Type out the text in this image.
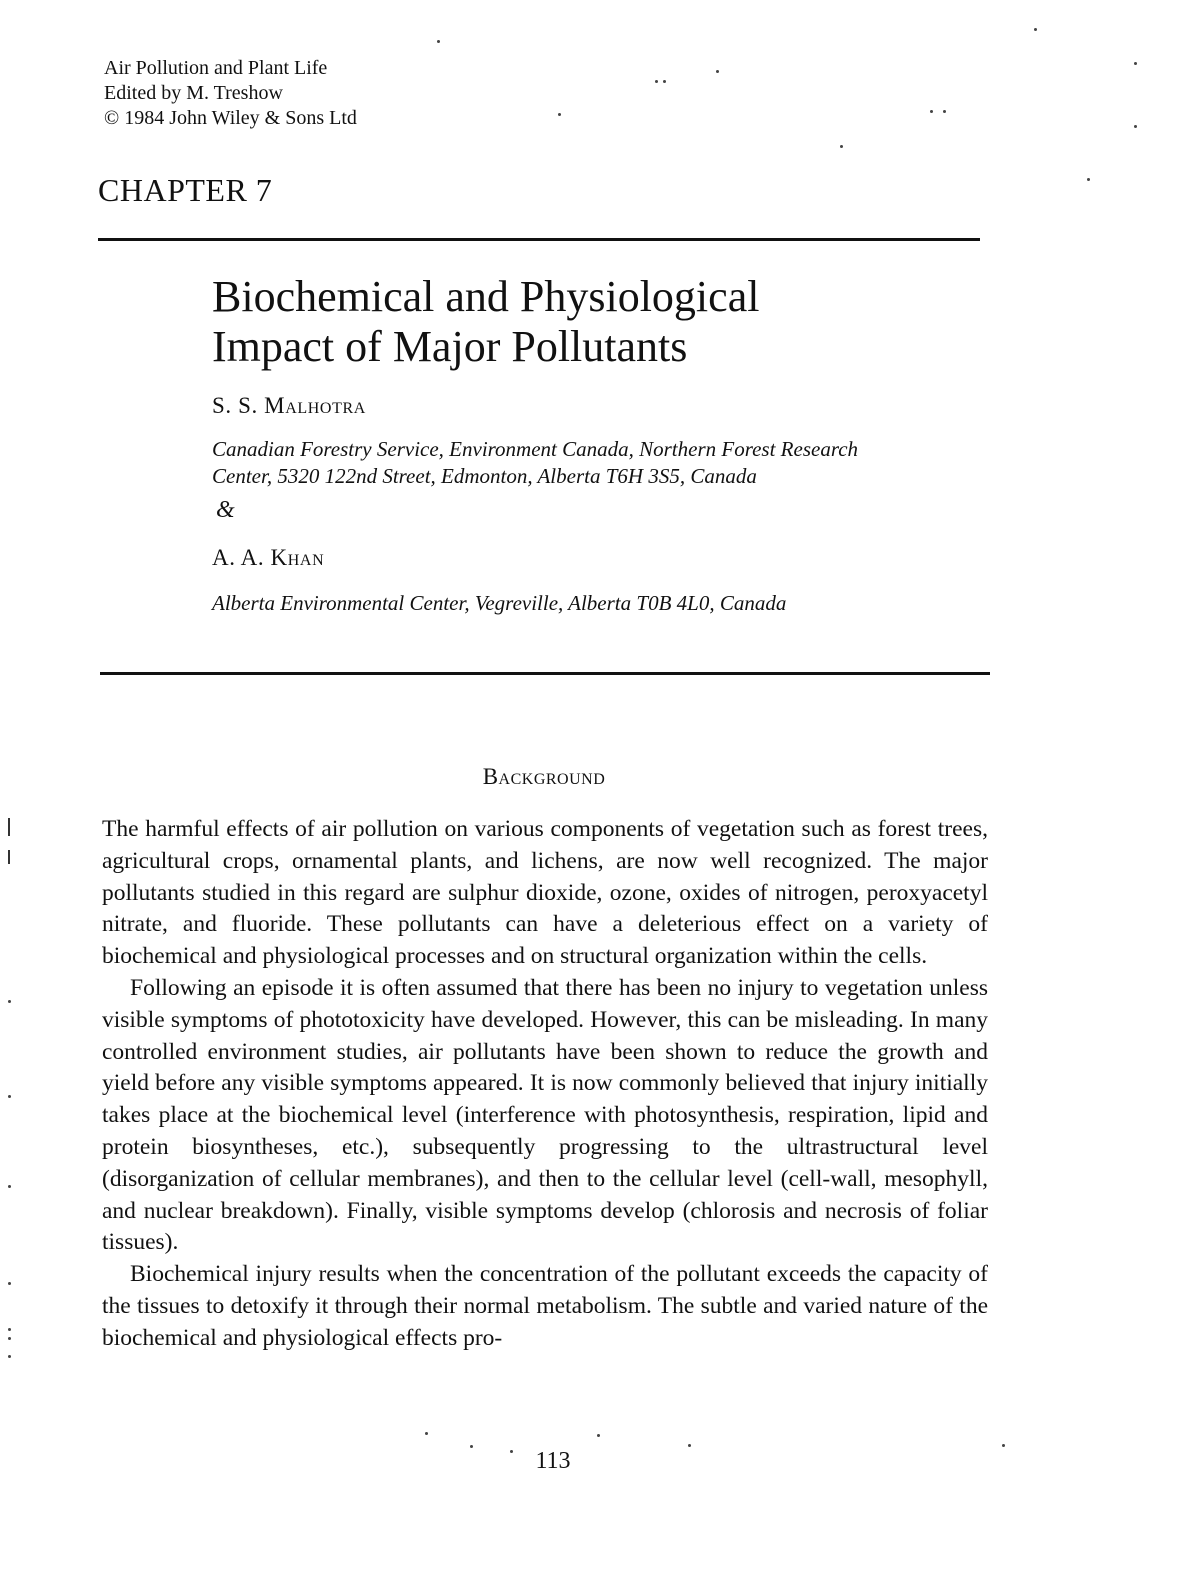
Air Pollution and Plant Life
Edited by M. Treshow
© 1984 John Wiley & Sons Ltd
CHAPTER 7
Biochemical and Physiological
Impact of Major Pollutants
S. S. Malhotra
Canadian Forestry Service, Environment Canada, Northern Forest Research
Center, 5320 122nd Street, Edmonton, Alberta T6H 3S5, Canada
&
A. A. Khan
Alberta Environmental Center, Vegreville, Alberta T0B 4L0, Canada
Background

The harmful effects of air pollution on various components of vegetation such as forest trees, agricultural crops, ornamental plants, and lichens, are now well recognized. The major pollutants studied in this regard are sulphur dioxide, ozone, oxides of nitrogen, peroxyacetyl nitrate, and fluoride. These pollutants can have a deleterious effect on a variety of biochemical and physiological processes and on structural organization within the cells.

Following an episode it is often assumed that there has been no injury to vegetation unless visible symptoms of phototoxicity have developed. However, this can be misleading. In many controlled environment studies, air pollutants have been shown to reduce the growth and yield before any visible symptoms appeared. It is now commonly believed that injury initially takes place at the biochemical level (interference with photosynthesis, respiration, lipid and protein biosyntheses, etc.), subsequently progressing to the ultrastructural level (disorganization of cellular membranes), and then to the cellular level (cell-wall, mesophyll, and nuclear breakdown). Finally, visible symptoms develop (chlorosis and necrosis of foliar tissues).

Biochemical injury results when the concentration of the pollutant exceeds the capacity of the tissues to detoxify it through their normal metabolism. The subtle and varied nature of the biochemical and physiological effects pro-

113
